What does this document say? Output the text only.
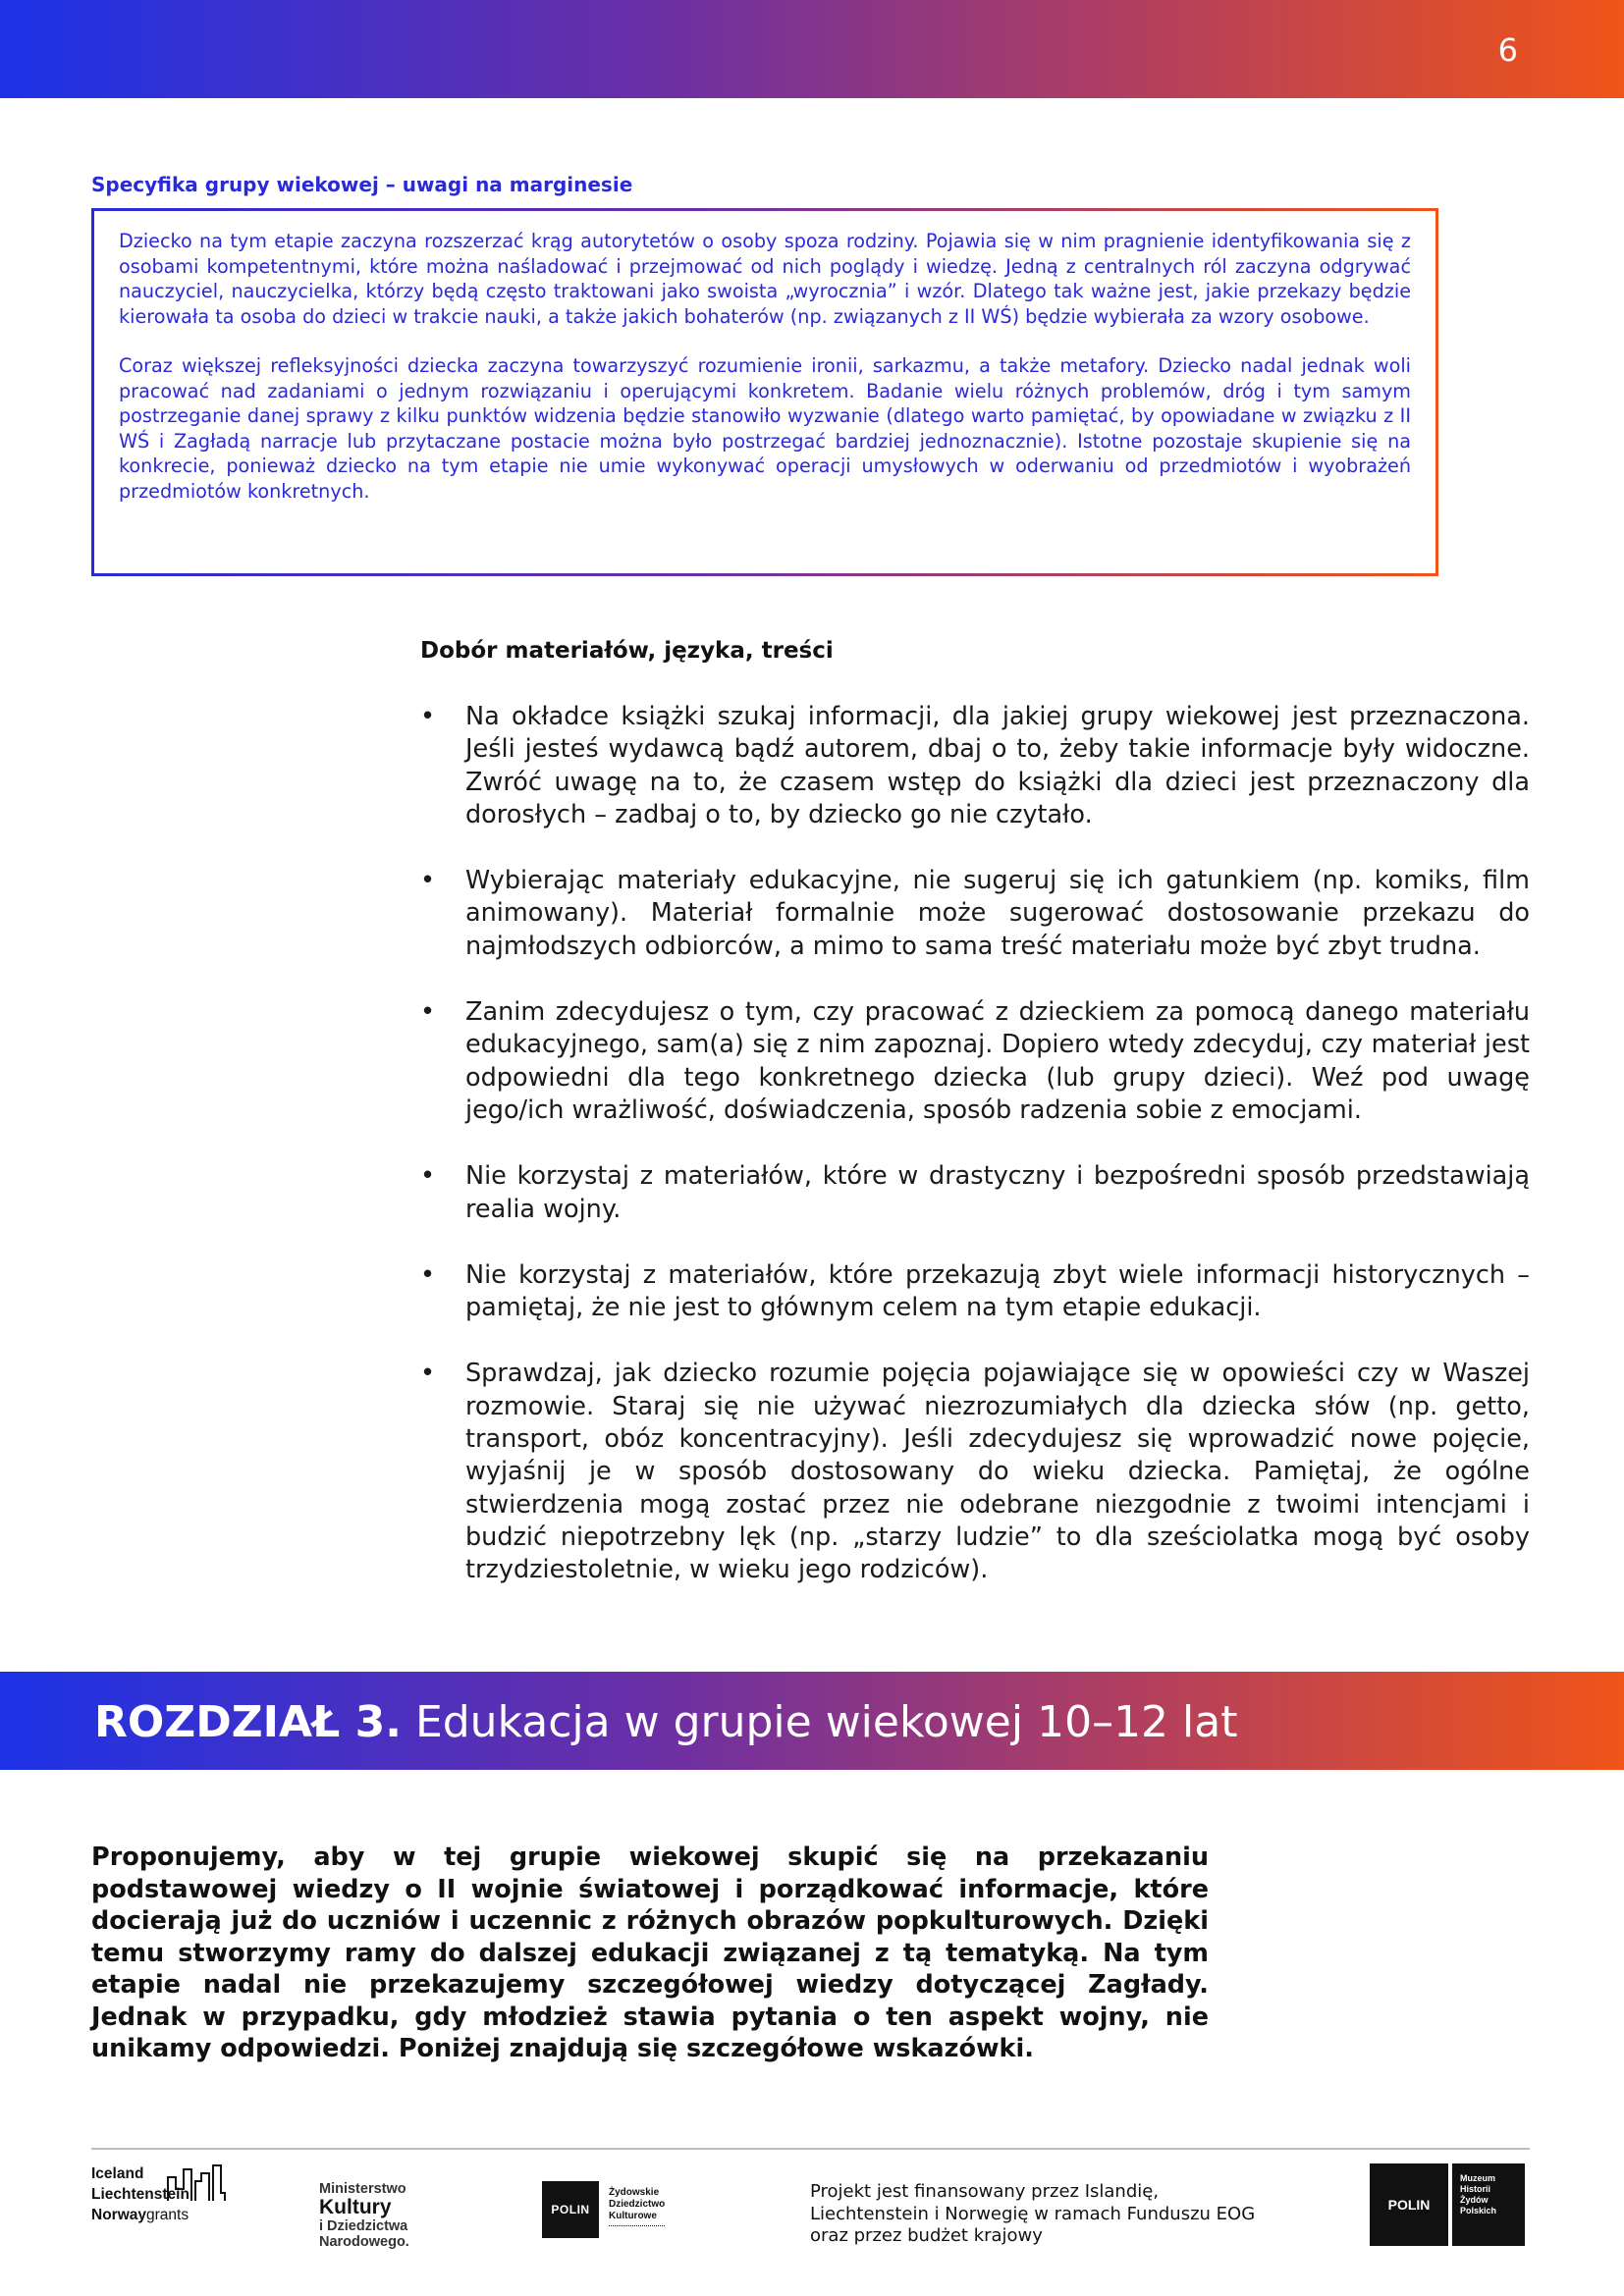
6
Specyfika grupy wiekowej – uwagi na marginesie

Dziecko na tym etapie zaczyna rozszerzać krąg autorytetów o osoby spoza rodziny. Pojawia się w nim pragnienie identyfikowania się z osobami kompetentnymi, które można naśladować i przejmować od nich poglądy i wiedzę. Jedną z centralnych ról zaczyna odgrywać nauczyciel, nauczycielka, którzy będą często traktowani jako swoista „wyrocznia” i wzór. Dlatego tak ważne jest, jakie przekazy będzie kierowała ta osoba do dzieci w trakcie nauki, a także jakich bohaterów (np. związanych z II WŚ) będzie wybierała za wzory osobowe.

Coraz większej refleksyjności dziecka zaczyna towarzyszyć rozumienie ironii, sarkazmu, a także metafory. Dziecko nadal jednak woli pracować nad zadaniami o jednym rozwiązaniu i operującymi konkretem. Badanie wielu różnych problemów, dróg i tym samym postrzeganie danej sprawy z kilku punktów widzenia będzie stanowiło wyzwanie (dlatego warto pamiętać, by opowiadane w związku z II WŚ i Zagładą narracje lub przytaczane postacie można było postrzegać bardziej jednoznacznie). Istotne pozostaje skupienie się na konkrecie, ponieważ dziecko na tym etapie nie umie wykonywać operacji umysłowych w oderwaniu od przedmiotów i wyobrażeń przedmiotów konkretnych.

Dobór materiałów, języka, treści
• Na okładce książki szukaj informacji, dla jakiej grupy wiekowej jest przeznaczona. Jeśli jesteś wydawcą bądź autorem, dbaj o to, żeby takie informacje były widoczne. Zwróć uwagę na to, że czasem wstęp do książki dla dzieci jest przeznaczony dla dorosłych – zadbaj o to, by dziecko go nie czytało.
• Wybierając materiały edukacyjne, nie sugeruj się ich gatunkiem (np. komiks, film animowany). Materiał formalnie może sugerować dostosowanie przekazu do najmłodszych odbiorców, a mimo to sama treść materiału może być zbyt trudna.
• Zanim zdecydujesz o tym, czy pracować z dzieckiem za pomocą danego materiału edukacyjnego, sam(a) się z nim zapoznaj. Dopiero wtedy zdecyduj, czy materiał jest odpowiedni dla tego konkretnego dziecka (lub grupy dzieci). Weź pod uwagę jego/ich wrażliwość, doświadczenia, sposób radzenia sobie z emocjami.
• Nie korzystaj z materiałów, które w drastyczny i bezpośredni sposób przedstawiają realia wojny.
• Nie korzystaj z materiałów, które przekazują zbyt wiele informacji historycznych – pamiętaj, że nie jest to głównym celem na tym etapie edukacji.
• Sprawdzaj, jak dziecko rozumie pojęcia pojawiające się w opowieści czy w Waszej rozmowie. Staraj się nie używać niezrozumiałych dla dziecka słów (np. getto, transport, obóz koncentracyjny). Jeśli zdecydujesz się wprowadzić nowe pojęcie, wyjaśnij je w sposób dostosowany do wieku dziecka. Pamiętaj, że ogólne stwierdzenia mogą zostać przez nie odebrane niezgodnie z twoimi intencjami i budzić niepotrzebny lęk (np. „starzy ludzie” to dla sześciolatka mogą być osoby trzydziestoletnie, w wieku jego rodziców).
ROZDZIAŁ 3. Edukacja w grupie wiekowej 10–12 lat
Proponujemy, aby w tej grupie wiekowej skupić się na przekazaniu podstawowej wiedzy o II wojnie światowej i porządkować informacje, które docierają już do uczniów i uczennic z różnych obrazów popkulturowych. Dzięki temu stworzymy ramy do dalszej edukacji związanej z tą tematyką. Na tym etapie nadal nie przekazujemy szczegółowej wiedzy dotyczącej Zagłady. Jednak w przypadku, gdy młodzież stawia pytania o ten aspekt wojny, nie unikamy odpowiedzi. Poniżej znajdują się szczegółowe wskazówki.
Iceland
Liechtenstein
Norwaygrants
Ministerstwo
Kultury
i Dziedzictwa
Narodowego.
POLIN
Żydowskie
Dziedzictwo
Kulturowe
Projekt jest finansowany przez Islandię,
Liechtenstein i Norwegię w ramach Funduszu EOG
oraz przez budżet krajowy
POLIN
Muzeum
Historii
Żydów
Polskich
